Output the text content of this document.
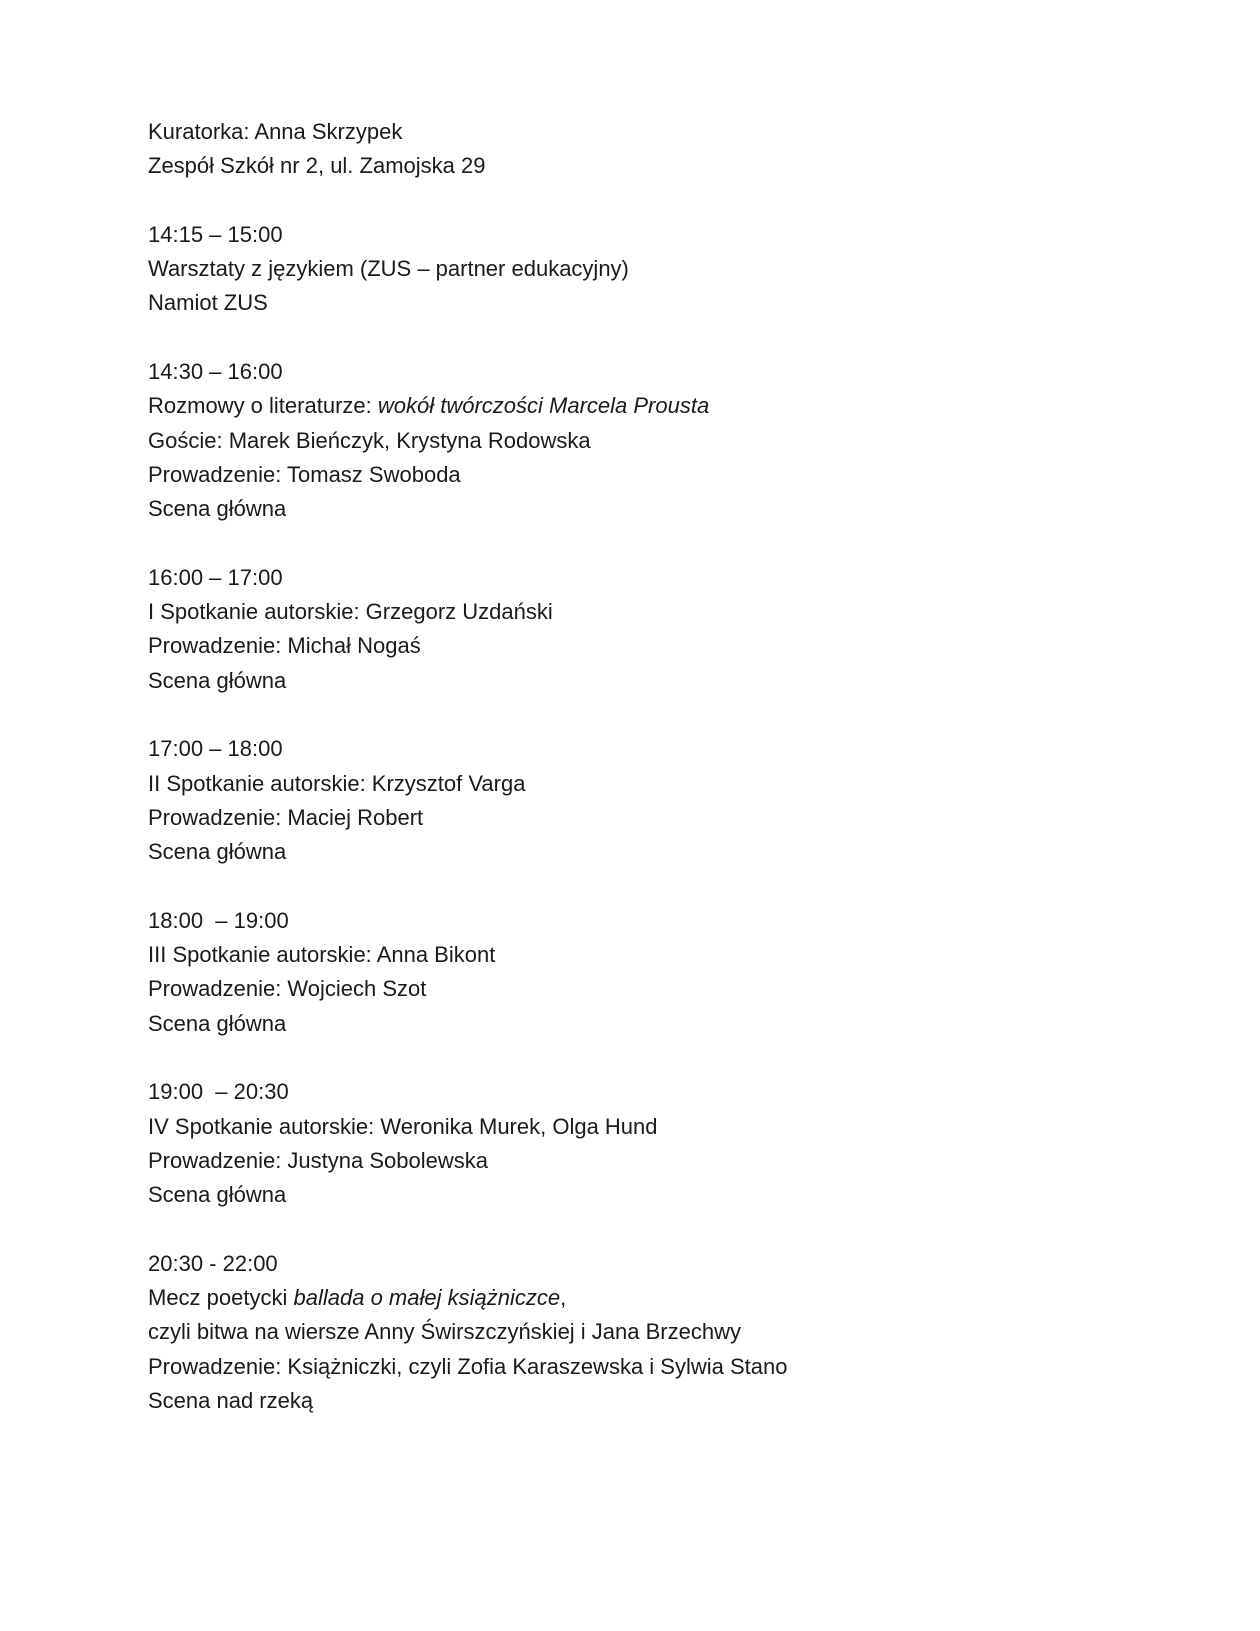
Kuratorka: Anna Skrzypek
Zespół Szkół nr 2, ul. Zamojska 29
14:15 – 15:00
Warsztaty z językiem (ZUS – partner edukacyjny)
Namiot ZUS
14:30 – 16:00
Rozmowy o literaturze: wokół twórczości Marcela Prousta
Goście: Marek Bieńczyk, Krystyna Rodowska
Prowadzenie: Tomasz Swoboda
Scena główna
16:00 – 17:00
I Spotkanie autorskie: Grzegorz Uzdański
Prowadzenie: Michał Nogaś
Scena główna
17:00 – 18:00
II Spotkanie autorskie: Krzysztof Varga
Prowadzenie: Maciej Robert
Scena główna
18:00  – 19:00
III Spotkanie autorskie: Anna Bikont
Prowadzenie: Wojciech Szot
Scena główna
19:00  – 20:30
IV Spotkanie autorskie: Weronika Murek, Olga Hund
Prowadzenie: Justyna Sobolewska
Scena główna
20:30 - 22:00
Mecz poetycki ballada o małej książniczce,
czyli bitwa na wiersze Anny Świrszczyńskiej i Jana Brzechwy
Prowadzenie: Książniczki, czyli Zofia Karaszewska i Sylwia Stano
Scena nad rzeką
